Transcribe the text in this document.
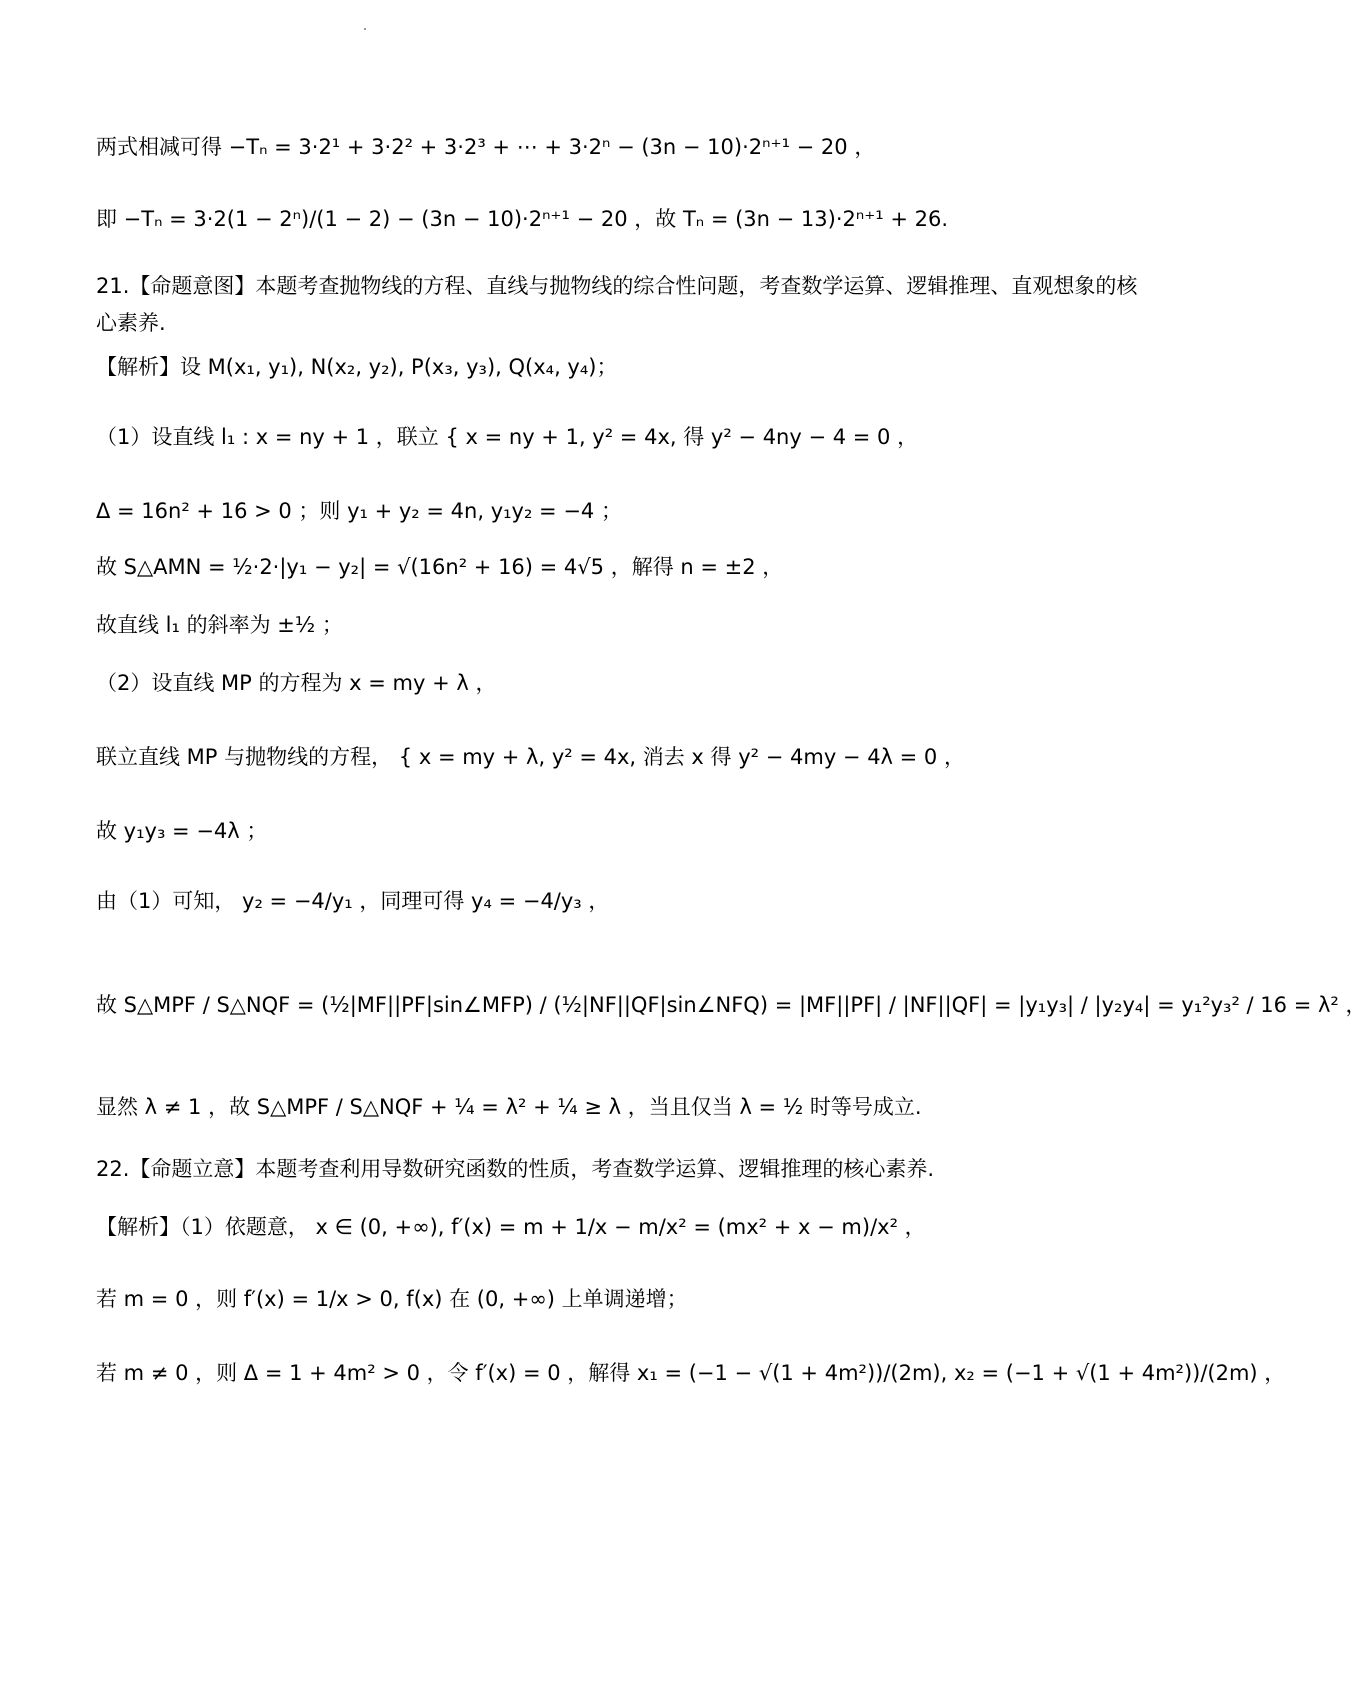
两式相减可得 −Tₙ = 3·2¹ + 3·2² + 3·2³ + ⋯ + 3·2ⁿ − (3n − 10)·2ⁿ⁺¹ − 20 ，
即 −Tₙ = 3·2(1 − 2ⁿ)/(1 − 2) − (3n − 10)·2ⁿ⁺¹ − 20 ，故 Tₙ = (3n − 13)·2ⁿ⁺¹ + 26.
21.【命题意图】本题考查抛物线的方程、直线与抛物线的综合性问题，考查数学运算、逻辑推理、直观想象的核心素养.
【解析】设 M(x₁, y₁), N(x₂, y₂), P(x₃, y₃), Q(x₄, y₄)；
（1）设直线 l₁ : x = ny + 1 ，联立 { x = ny + 1, y² = 4x, 得 y² − 4ny − 4 = 0 ，
Δ = 16n² + 16 > 0 ；则 y₁ + y₂ = 4n, y₁y₂ = −4 ；
故 S△AMN = ½·2·|y₁ − y₂| = √(16n² + 16) = 4√5 ，解得 n = ±2 ，
故直线 l₁ 的斜率为 ±½ ；
（2）设直线 MP 的方程为 x = my + λ ，
联立直线 MP 与抛物线的方程， { x = my + λ, y² = 4x, 消去 x 得 y² − 4my − 4λ = 0 ，
故 y₁y₃ = −4λ ；
由（1）可知， y₂ = −4/y₁ ，同理可得 y₄ = −4/y₃ ，
故 S△MPF / S△NQF = (½|MF||PF|sin∠MFP) / (½|NF||QF|sin∠NFQ) = |MF||PF| / |NF||QF| = |y₁y₃| / |y₂y₄| = y₁²y₃² / 16 = λ² ，
显然 λ ≠ 1 ，故 S△MPF / S△NQF + ¼ = λ² + ¼ ≥ λ ，当且仅当 λ = ½ 时等号成立.
22.【命题立意】本题考查利用导数研究函数的性质，考查数学运算、逻辑推理的核心素养.
【解析】（1）依题意， x ∈ (0, +∞), f′(x) = m + 1/x − m/x² = (mx² + x − m)/x² ，
若 m = 0 ，则 f′(x) = 1/x > 0, f(x) 在 (0, +∞) 上单调递增；
若 m ≠ 0 ，则 Δ = 1 + 4m² > 0 ，令 f′(x) = 0 ，解得 x₁ = (−1 − √(1 + 4m²))/(2m), x₂ = (−1 + √(1 + 4m²))/(2m) ，
